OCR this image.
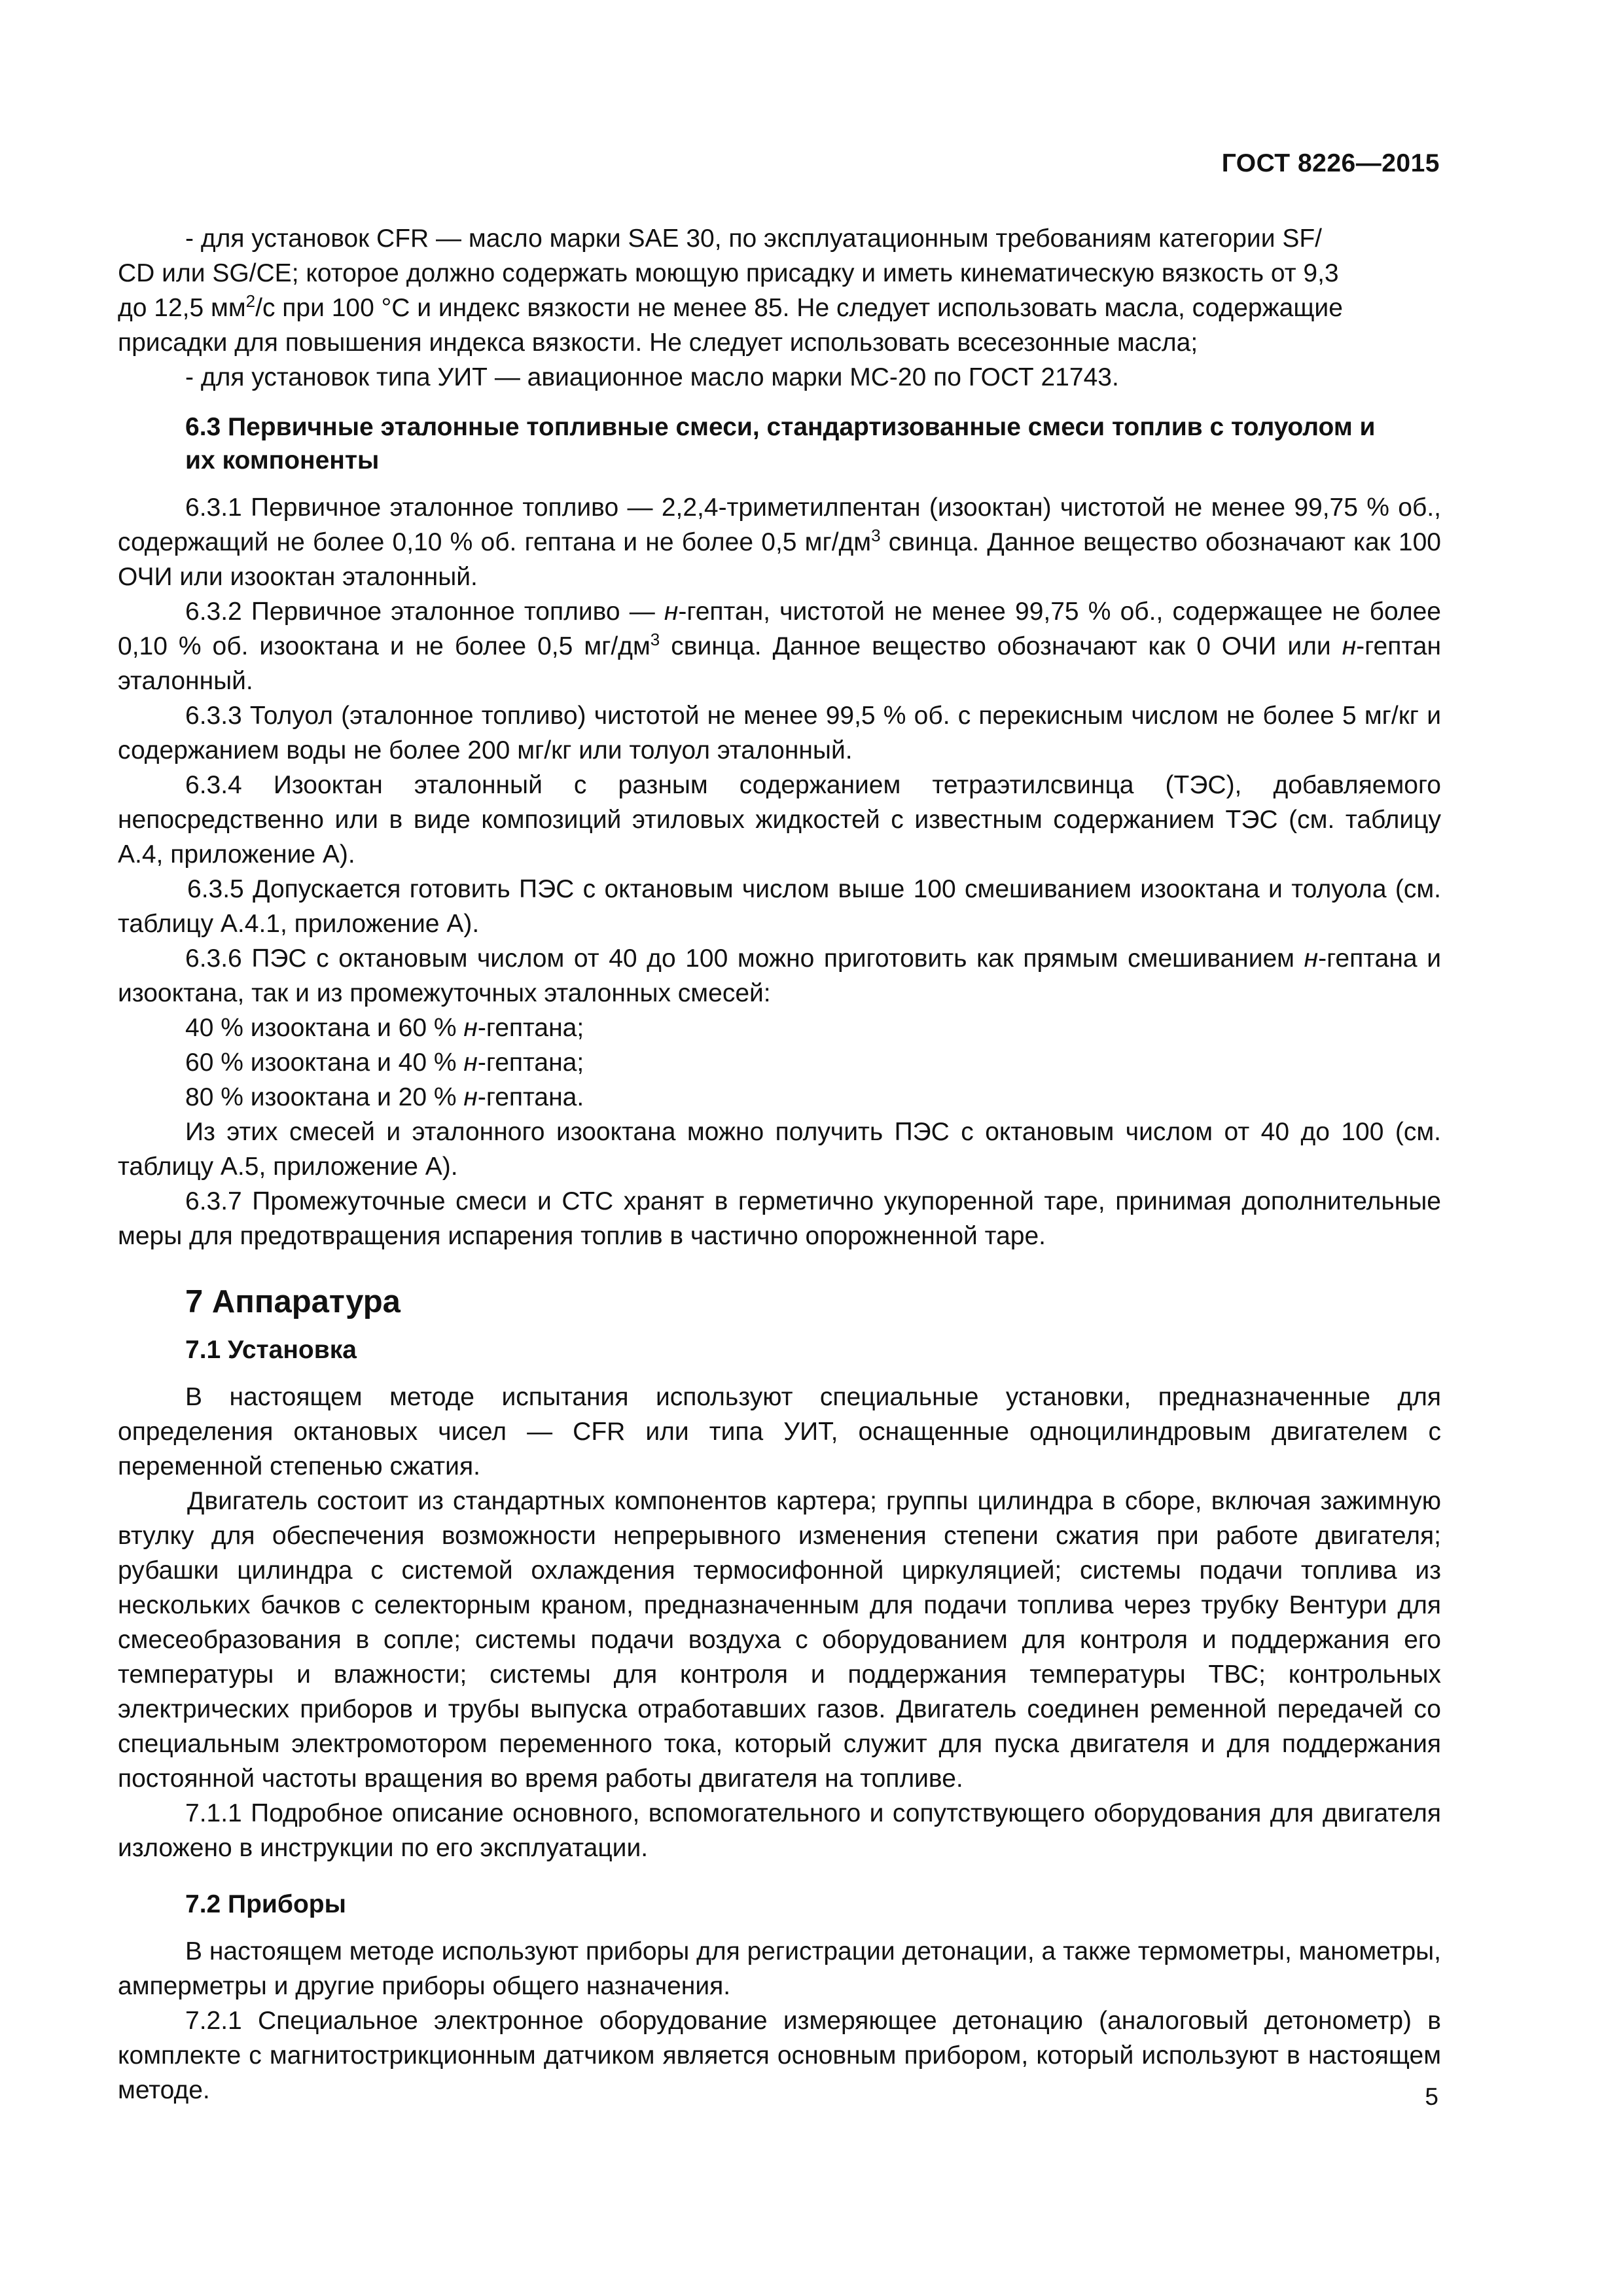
ГОСТ 8226—2015

- для установок CFR — масло марки SAE 30, по эксплуатационным требованиям категории SF/
CD или SG/CE; которое должно содержать моющую присадку и иметь кинематическую вязкость от 9,3
до 12,5 $мм^2/с$ при 100 °С и индекс вязкости не менее 85. Не следует использовать масла, содержащие
присадки для повышения индекса вязкости. Не следует использовать всесезонные масла;

- для установок типа УИТ — авиационное масло марки МС-20 по ГОСТ 21743.

6.3 Первичные эталонные топливные смеси, стандартизованные смеси топлив с толуолом и их компоненты

6.3.1 Первичное эталонное топливо — 2,2,4-триметилпентан (изооктан) чистотой не менее 99,75 % об., содержащий не более 0,10 % об. гептана и не более 0,5 $мг/дм^3$ свинца. Данное вещество обозначают как 100 ОЧИ или изооктан эталонный.

6.3.2 Первичное эталонное топливо — н-гептан, чистотой не менее 99,75 % об., содержащее не более 0,10 % об. изооктана и не более 0,5 $мг/дм^3$ свинца. Данное вещество обозначают как 0 ОЧИ или н-гептан эталонный.

6.3.3 Толуол (эталонное топливо) чистотой не менее 99,5 % об. с перекисным числом не более 5 мг/кг и содержанием воды не более 200 мг/кг или толуол эталонный.

6.3.4 Изооктан эталонный с разным содержанием тетраэтилсвинца (ТЭС), добавляемого непосредственно или в виде композиций этиловых жидкостей с известным содержанием ТЭС (см. таблицу А.4, приложение А).

6.3.5 Допускается готовить ПЭС с октановым числом выше 100 смешиванием изооктана и толуола (см. таблицу А.4.1, приложение А).

6.3.6 ПЭС с октановым числом от 40 до 100 можно приготовить как прямым смешиванием н-гептана и изооктана, так и из промежуточных эталонных смесей:

40 % изооктана и 60 % н-гептана;

60 % изооктана и 40 % н-гептана;

80 % изооктана и 20 % н-гептана.

Из этих смесей и эталонного изооктана можно получить ПЭС с октановым числом от 40 до 100 (см. таблицу А.5, приложение А).

6.3.7 Промежуточные смеси и СТС хранят в герметично укупоренной таре, принимая дополнительные меры для предотвращения испарения топлив в частично опорожненной таре.

7 Аппаратура
7.1 Установка

В настоящем методе испытания используют специальные установки, предназначенные для определения октановых чисел — CFR или типа УИТ, оснащенные одноцилиндровым двигателем с переменной степенью сжатия.

Двигатель состоит из стандартных компонентов картера; группы цилиндра в сборе, включая зажимную втулку для обеспечения возможности непрерывного изменения степени сжатия при работе двигателя; рубашки цилиндра с системой охлаждения термосифонной циркуляцией; системы подачи топлива из нескольких бачков с селекторным краном, предназначенным для подачи топлива через трубку Вентури для смесеобразования в сопле; системы подачи воздуха с оборудованием для контроля и поддержания его температуры и влажности; системы для контроля и поддержания температуры ТВС; контрольных электрических приборов и трубы выпуска отработавших газов. Двигатель соединен ременной передачей со специальным электромотором переменного тока, который служит для пуска двигателя и для поддержания постоянной частоты вращения во время работы двигателя на топливе.

7.1.1 Подробное описание основного, вспомогательного и сопутствующего оборудования для двигателя изложено в инструкции по его эксплуатации.

7.2 Приборы

В настоящем методе используют приборы для регистрации детонации, а также термометры, манометры, амперметры и другие приборы общего назначения.

7.2.1 Специальное электронное оборудование измеряющее детонацию (аналоговый детонометр) в комплекте с магнитострикционным датчиком является основным прибором, который используют в настоящем методе.	5
